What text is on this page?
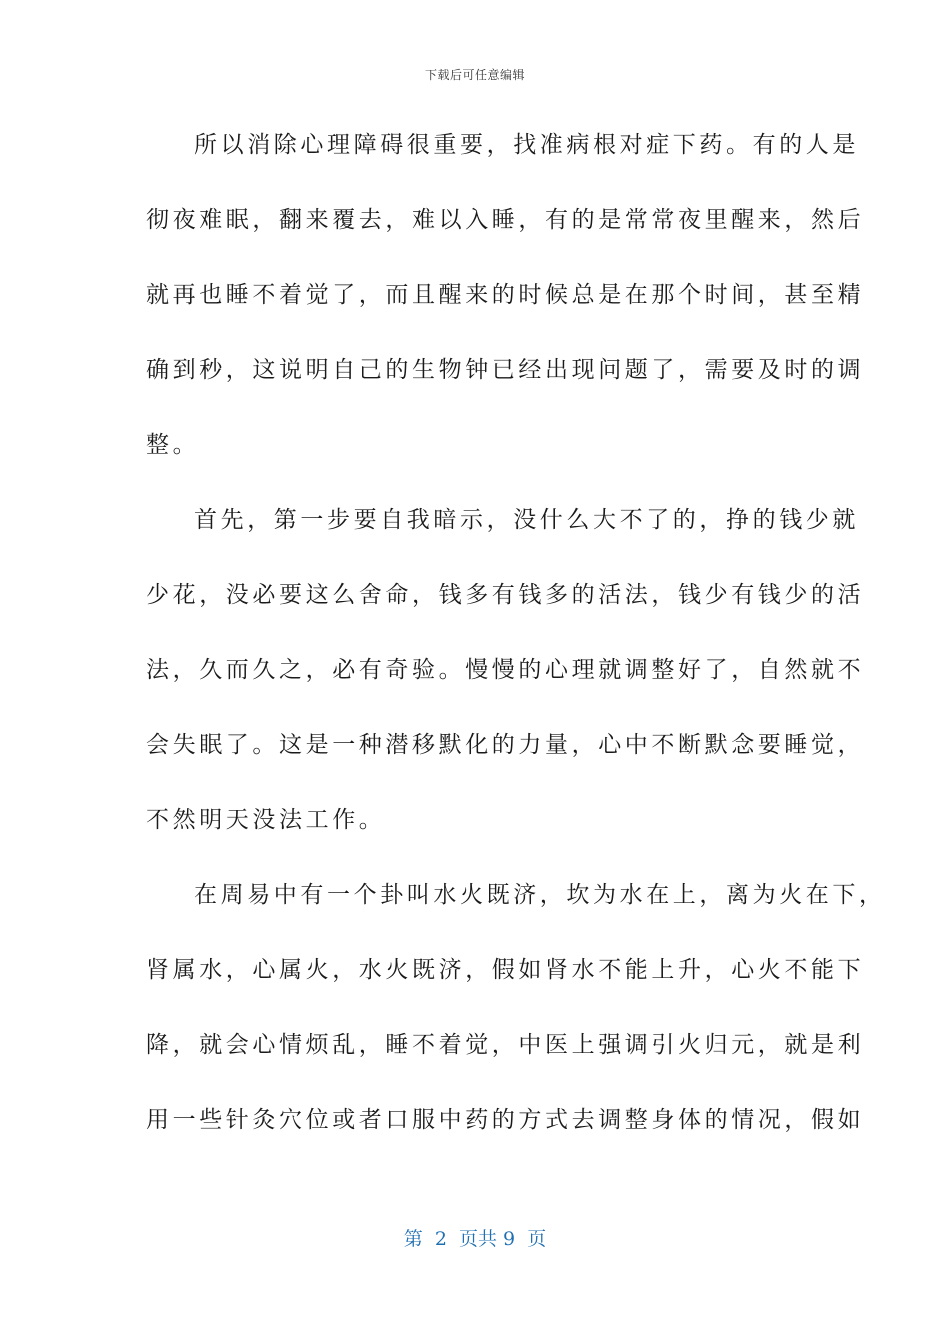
下载后可任意编辑
所以消除心理障碍很重要，找准病根对症下药。有的人是
彻夜难眠，翻来覆去，难以入睡，有的是常常夜里醒来，然后
就再也睡不着觉了，而且醒来的时候总是在那个时间，甚至精
确到秒，这说明自己的生物钟已经出现问题了，需要及时的调
整。
首先，第一步要自我暗示，没什么大不了的，挣的钱少就
少花，没必要这么舍命，钱多有钱多的活法，钱少有钱少的活
法，久而久之，必有奇验。慢慢的心理就调整好了，自然就不
会失眠了。这是一种潜移默化的力量，心中不断默念要睡觉，
不然明天没法工作。
在周易中有一个卦叫水火既济，坎为水在上，离为火在下，
肾属水，心属火，水火既济，假如肾水不能上升，心火不能下
降，就会心情烦乱，睡不着觉，中医上强调引火归元，就是利
用一些针灸穴位或者口服中药的方式去调整身体的情况，假如
第  2  页共 9  页
